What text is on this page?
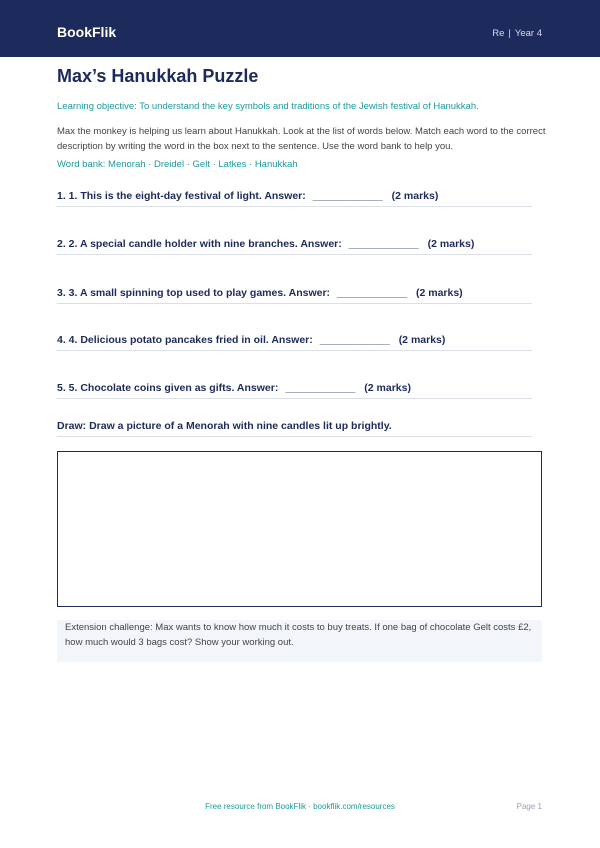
BookFlik	Re | Year 4
Max’s Hanukkah Puzzle
Learning objective: To understand the key symbols and traditions of the Jewish festival of Hanukkah.
Max the monkey is helping us learn about Hanukkah. Look at the list of words below. Match each word to the correct description by writing the word in the box next to the sentence. Use the word bank to help you.
Word bank: Menorah · Dreidel · Gelt · Latkes · Hanukkah
1. 1. This is the eight-day festival of light. Answer: ____________ (2 marks)
2. 2. A special candle holder with nine branches. Answer: ____________ (2 marks)
3. 3. A small spinning top used to play games. Answer: ____________ (2 marks)
4. 4. Delicious potato pancakes fried in oil. Answer: ____________ (2 marks)
5. 5. Chocolate coins given as gifts. Answer: ____________ (2 marks)
Draw: Draw a picture of a Menorah with nine candles lit up brightly.
Extension challenge: Max wants to know how much it costs to buy treats. If one bag of chocolate Gelt costs £2, how much would 3 bags cost? Show your working out.
Free resource from BookFlik · bookflik.com/resources	Page 1
